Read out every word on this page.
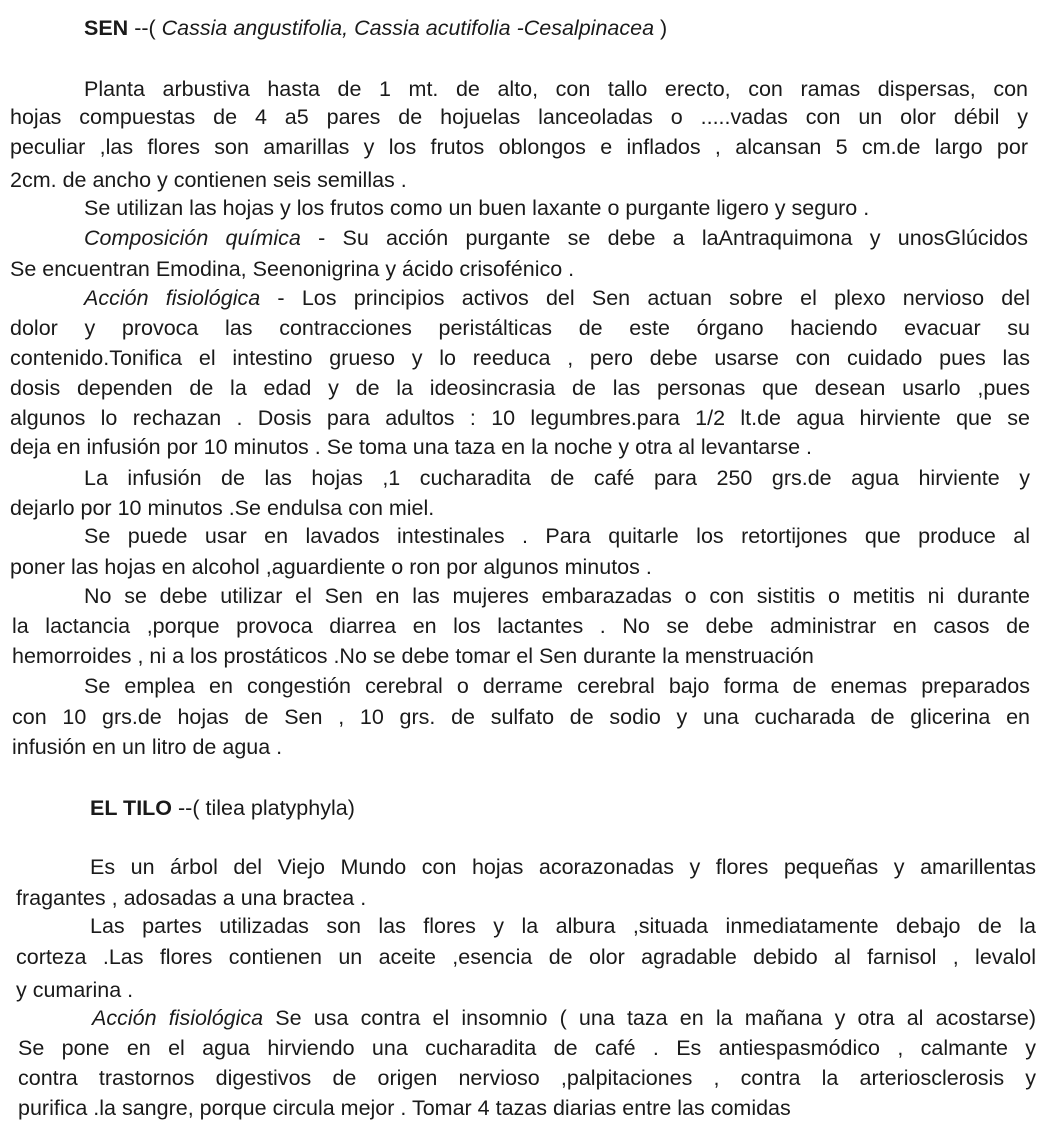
SEN --( Cassia angustifolia, Cassia acutifolia -Cesalpinacea )

Planta arbustiva hasta de 1 mt. de alto, con tallo erecto, con ramas dispersas, con

hojas compuestas de 4 a5 pares de hojuelas lanceoladas o .....vadas con un olor débil y

peculiar ,las flores son amarillas y los frutos oblongos e inflados , alcansan 5 cm.de largo por

2cm. de ancho y contienen seis semillas .

Se utilizan las hojas y los frutos como un buen laxante o purgante ligero y seguro .

Composición química - Su acción purgante se debe a laAntraquimona y unosGlúcidos

Se encuentran Emodina, Seenonigrina y ácido crisofénico .

Acción fisiológica - Los principios activos del Sen actuan sobre el plexo nervioso del

dolor y provoca las contracciones peristálticas de este órgano haciendo evacuar su

contenido.Tonifica el intestino grueso y lo reeduca , pero debe usarse con cuidado pues las

dosis dependen de la edad y de la ideosincrasia de las personas que desean usarlo ,pues

algunos lo rechazan . Dosis para adultos : 10 legumbres.para 1/2 lt.de agua hirviente que se

deja en infusión por 10 minutos . Se toma una taza en la noche y otra al levantarse .

La infusión de las hojas ,1 cucharadita de café para 250 grs.de agua hirviente y

dejarlo por 10 minutos .Se endulsa con miel.

Se puede usar en lavados intestinales . Para quitarle los retortijones que produce al

poner las hojas en alcohol ,aguardiente o ron por algunos minutos .

No se debe utilizar el Sen en las mujeres embarazadas o con sistitis o metitis ni durante

la lactancia ,porque provoca diarrea en los lactantes . No se debe administrar en casos de

hemorroides , ni a los prostáticos .No se debe tomar el Sen durante la menstruación

Se emplea en congestión cerebral o derrame cerebral bajo forma de enemas preparados

con 10 grs.de hojas de Sen , 10 grs. de sulfato de sodio y una cucharada de glicerina en

infusión en un litro de agua .

EL TILO --( tilea platyphyla)

Es un árbol del Viejo Mundo con hojas acorazonadas y flores pequeñas y amarillentas

fragantes , adosadas a una bractea .

Las partes utilizadas son las flores y la albura ,situada inmediatamente debajo de la

corteza .Las flores contienen un aceite ,esencia de olor agradable debido al farnisol , levalol

y cumarina .

Acción fisiológica Se usa contra el insomnio ( una taza en la mañana y otra al acostarse)

Se pone en el agua hirviendo una cucharadita de café . Es antiespasmódico , calmante y

contra trastornos digestivos de origen nervioso ,palpitaciones , contra la arteriosclerosis y

purifica .la sangre, porque circula mejor . Tomar 4 tazas diarias entre las comidas
